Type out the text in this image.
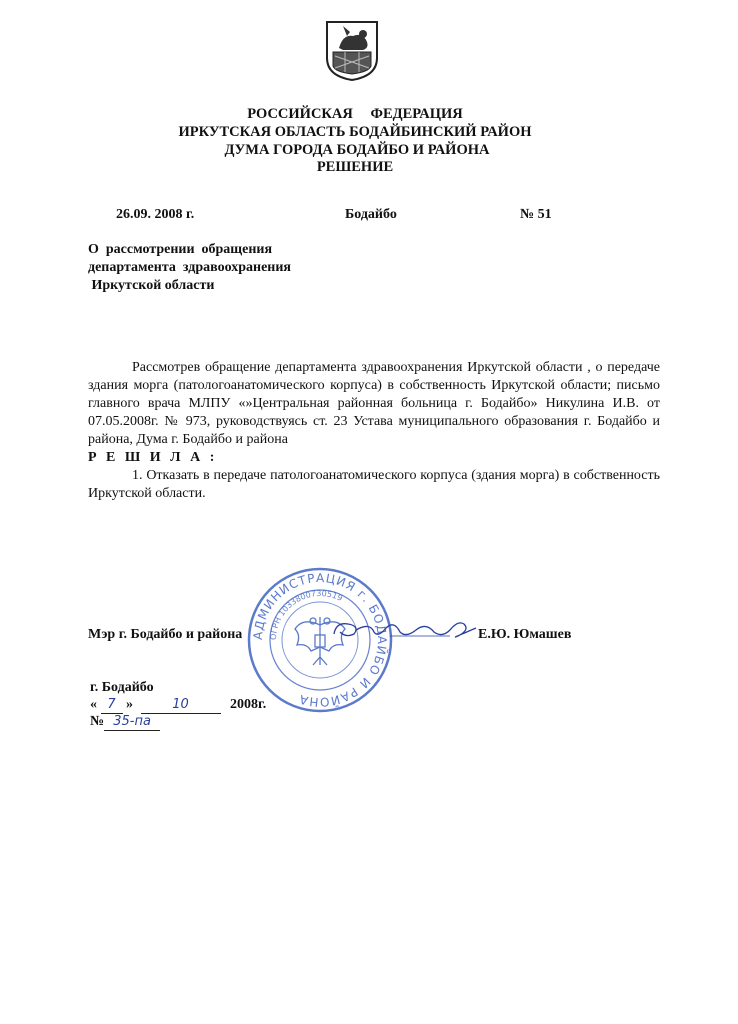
РОССИЙСКАЯ ФЕДЕРАЦИЯ
ИРКУТСКАЯ ОБЛАСТЬ БОДАЙБИНСКИЙ РАЙОН
ДУМА ГОРОДА БОДАЙБО И РАЙОНА
РЕШЕНИЕ
26.09. 2008 г.	Бодайбо	№ 51
О  рассмотрении  обращения
департамента  здравоохранения
Иркутской области
Рассмотрев обращение департамента здравоохранения Иркутской области , о передаче здания морга (патологоанатомического корпуса) в собственность Иркутской области; письмо главного врача МЛПУ «»Центральная районная больница г. Бодайбо» Никулина И.В. от 07.05.2008г. № 973, руководствуясь ст. 23 Устава муниципального образования г. Бодайбо и района, Дума г. Бодайбо и района
Р Е Ш И Л А :
1. Отказать в передаче патологоанатомического корпуса (здания морга) в собственность Иркутской области.
АДМИНИСТРАЦИЯ г. БОДАЙБО И РАЙОНА
ОГРН 1033800730519
Мэр г. Бодайбо и района	Е.Ю. Юмашев
г. Бодайбо
« 7 »	10	2008г.
№ 35-па
